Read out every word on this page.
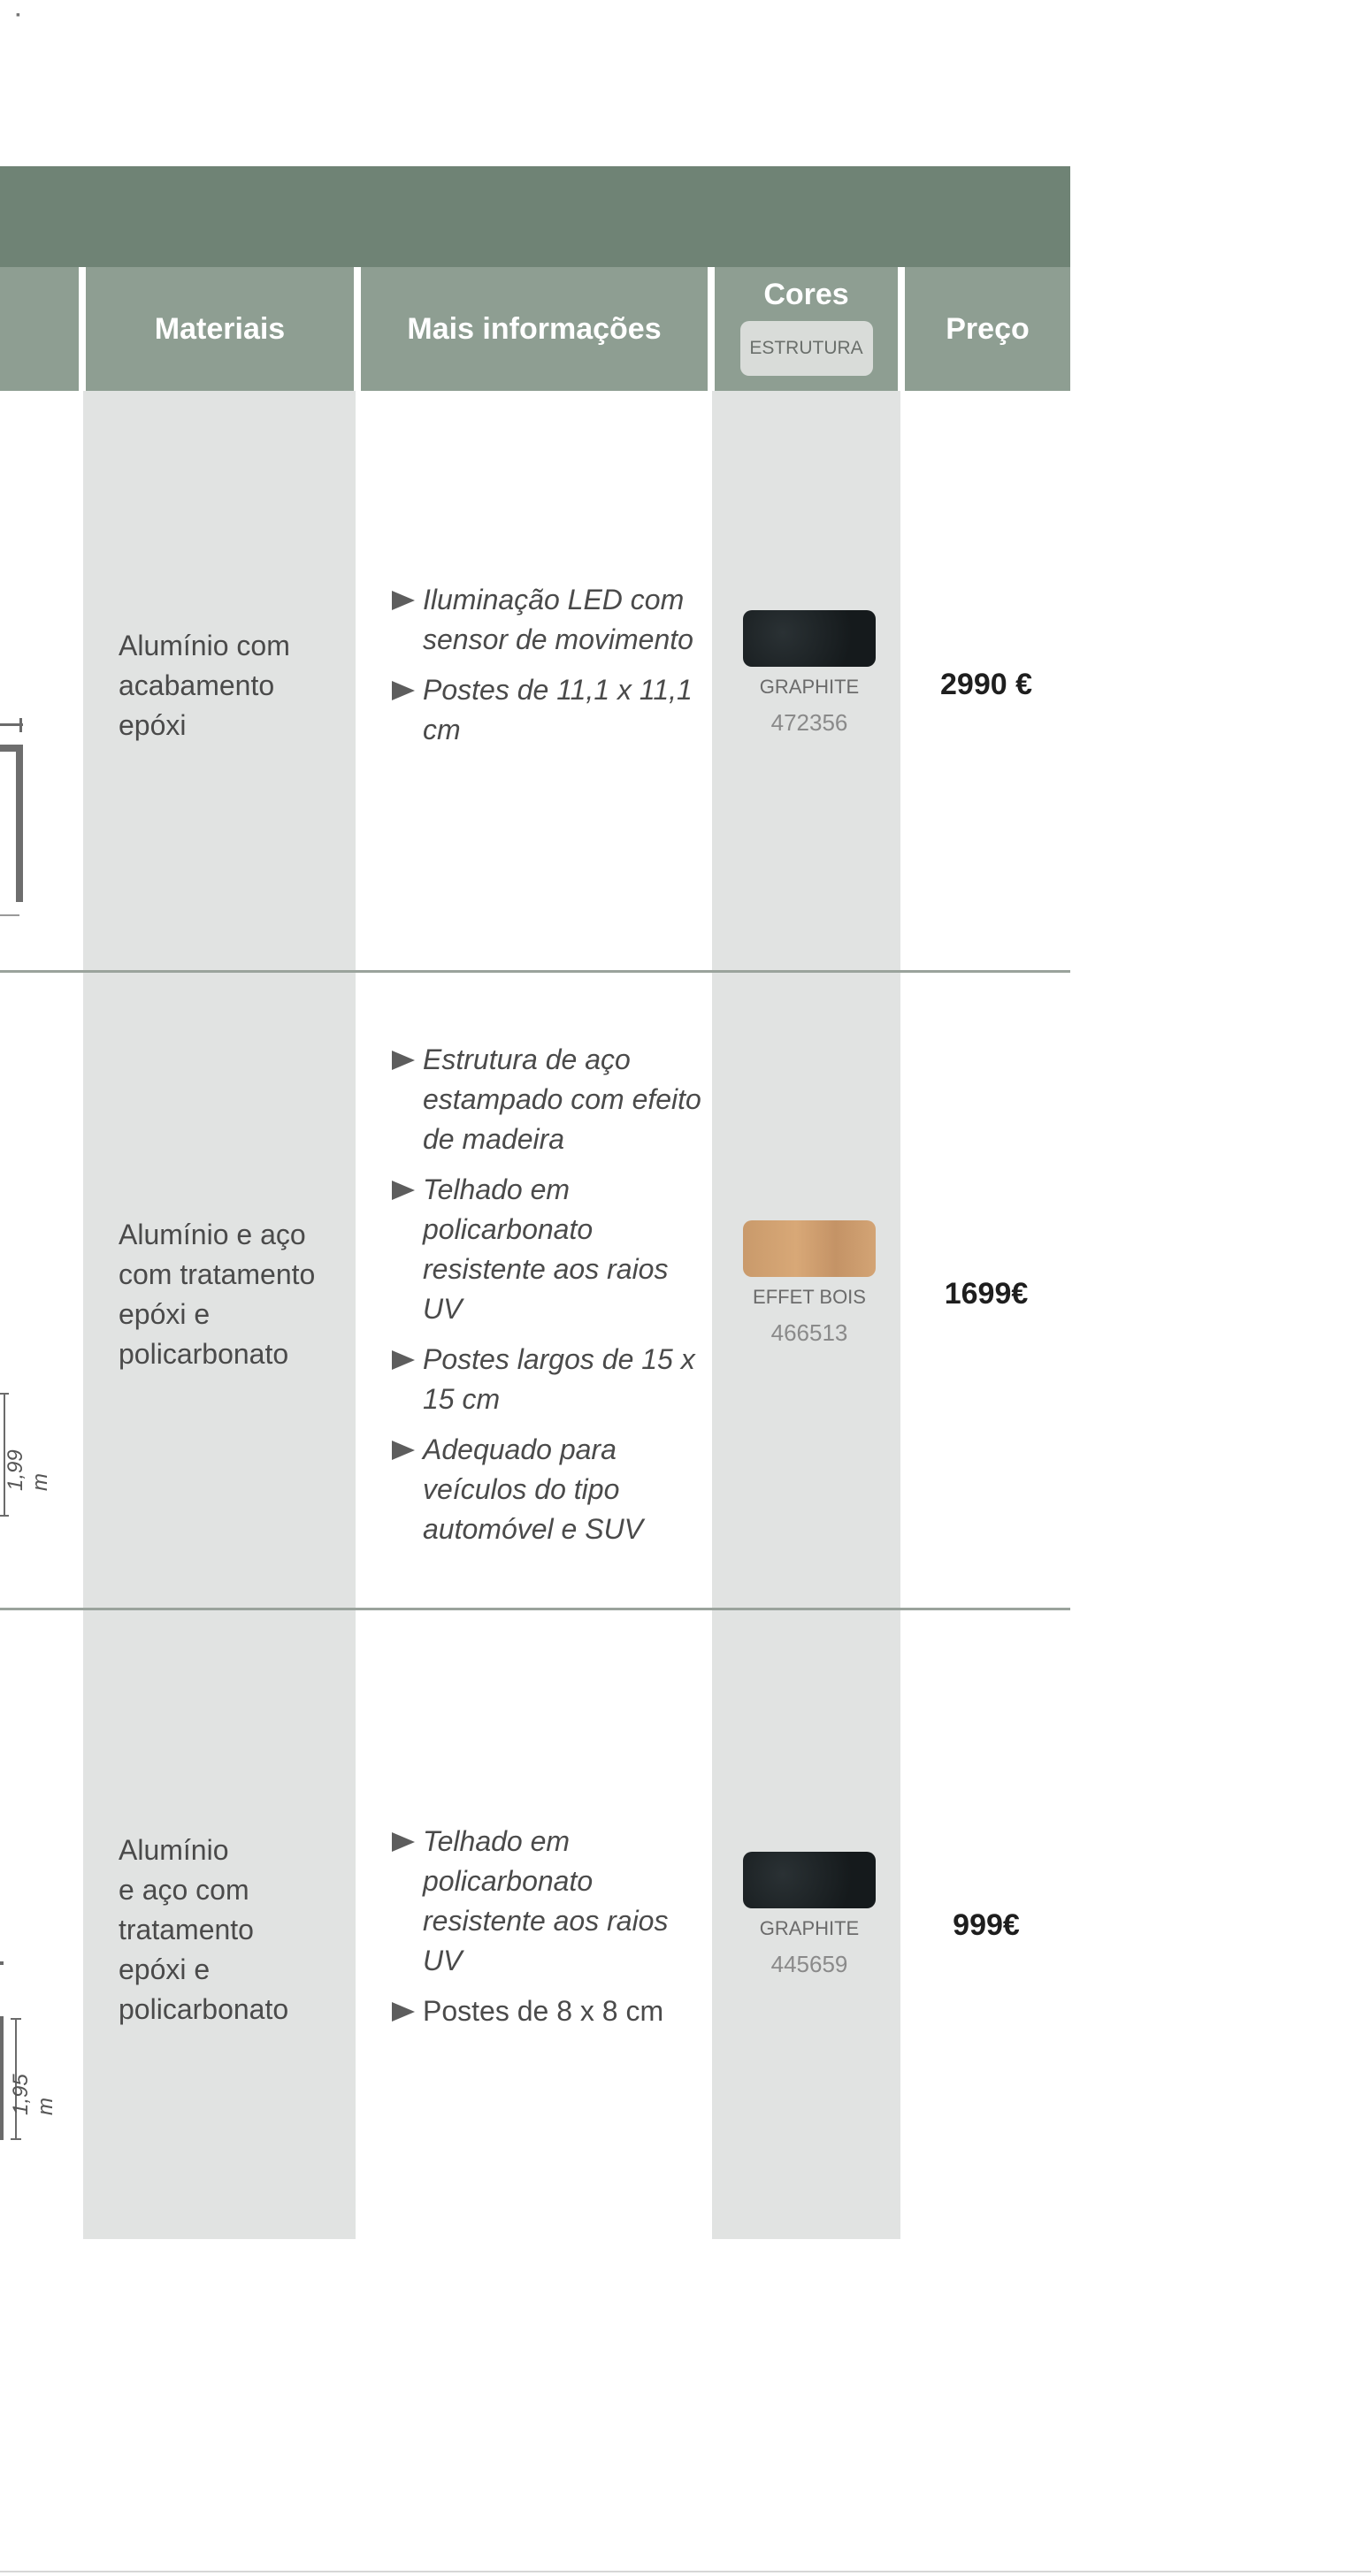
▪
Materiais	Mais informações
Cores
ESTRUTURA
Preço
Alumínio com
acabamento
epóxi
Iluminação LED com sensor de movimento
Postes de 11,1 x 11,1 cm
GRAPHITE
472356
2990 €
Alumínio e aço
com tratamento
epóxi e
policarbonato
Estrutura de aço estampado com efeito de madeira
Telhado em policarbonato resistente aos raios UV
Postes largos de 15 x 15 cm
Adequado para veículos do tipo automóvel e SUV
EFFET BOIS
466513
1699€
1,99 m
Alumínio
e aço com
tratamento
epóxi e
policarbonato
Telhado em policarbonato resistente aos raios UV
Postes de 8 x 8 cm
GRAPHITE
445659
999€
1,95 m
